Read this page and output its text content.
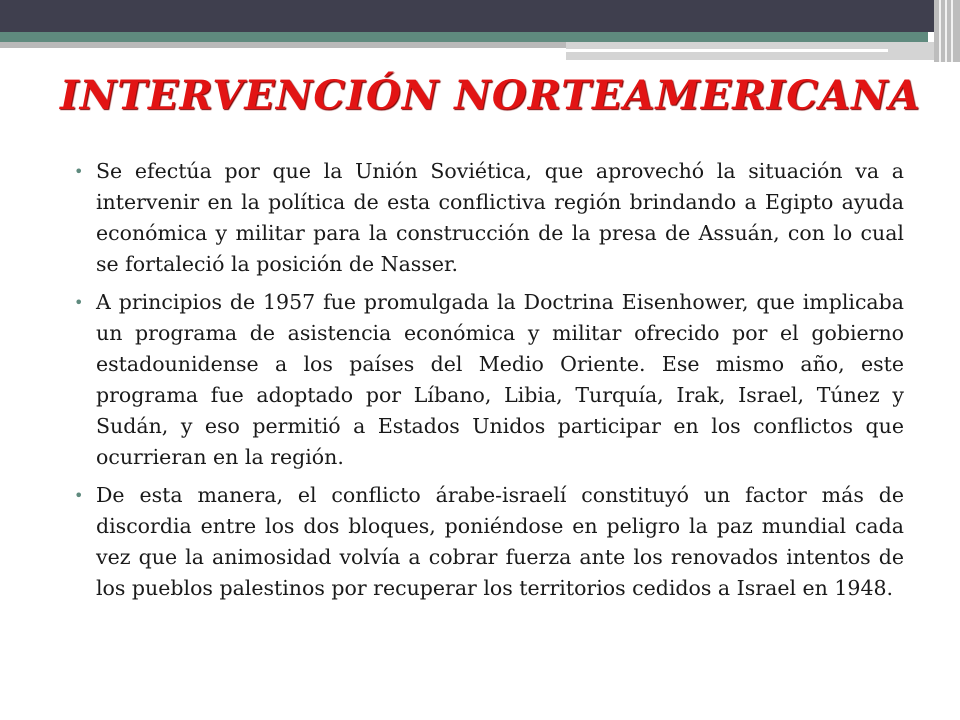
INTERVENCIÓN NORTEAMERICANA
• Se efectúa por que la Unión Soviética, que aprovechó la situación va a intervenir en la política de esta conflictiva región brindando a Egipto ayuda económica y militar para la construcción de la presa de Assuán, con lo cual se fortaleció la posición de Nasser.
• A principios de 1957 fue promulgada la Doctrina Eisenhower, que implicaba un programa de asistencia económica y militar ofrecido por el gobierno estadounidense a los países del Medio Oriente. Ese mismo año, este programa fue adoptado por Líbano, Libia, Turquía, Irak, Israel, Túnez y Sudán, y eso permitió a Estados Unidos participar en los conflictos que ocurrieran en la región.
• De esta manera, el conflicto árabe-israelí constituyó un factor más de discordia entre los dos bloques, poniéndose en peligro la paz mundial cada vez que la animosidad volvía a cobrar fuerza ante los renovados intentos de los pueblos palestinos por recuperar los territorios cedidos a Israel en 1948.
